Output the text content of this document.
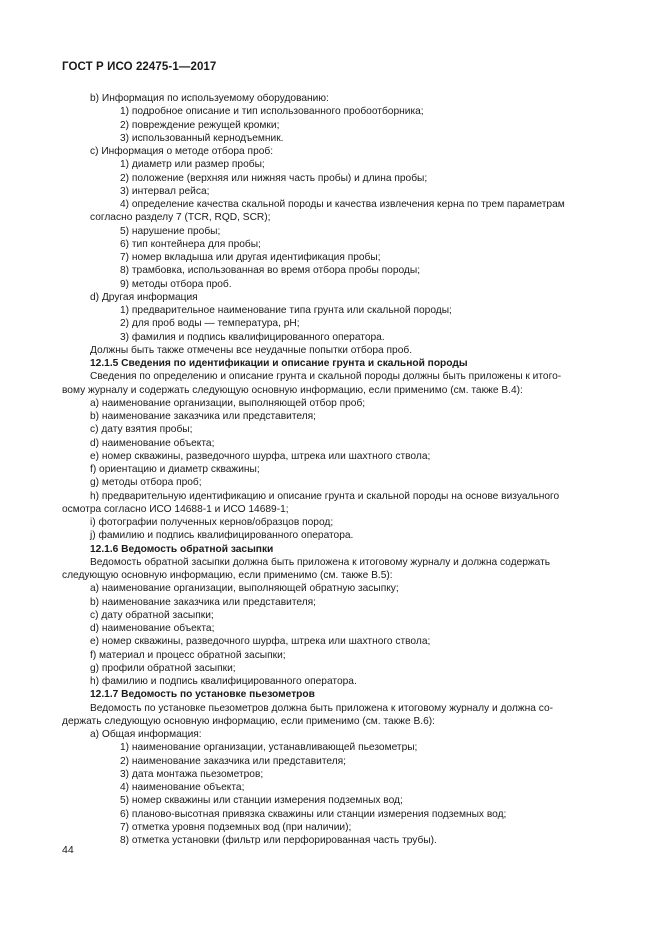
ГОСТ Р ИСО 22475-1—2017
b) Информация по используемому оборудованию:
1) подробное описание и тип использованного пробоотборника;
2) повреждение режущей кромки;
3) использованный кернодъемник.
c) Информация о методе отбора проб:
1) диаметр или размер пробы;
2) положение (верхняя или нижняя часть пробы) и длина пробы;
3) интервал рейса;
4) определение качества скальной породы и качества извлечения керна по трем параметрам
согласно разделу 7 (TCR, RQD, SCR);
5) нарушение пробы;
6) тип контейнера для пробы;
7) номер вкладыша или другая идентификация пробы;
8) трамбовка, использованная во время отбора пробы породы;
9) методы отбора проб.
d) Другая информация
1) предварительное наименование типа грунта или скальной породы;
2) для проб воды — температура, pH;
3) фамилия и подпись квалифицированного оператора.
Должны быть также отмечены все неудачные попытки отбора проб.
12.1.5 Сведения по идентификации и описание грунта и скальной породы
Сведения по определению и описание грунта и скальной породы должны быть приложены к итого-
вому журналу и содержать следующую основную информацию, если применимо (см. также В.4):
a) наименование организации, выполняющей отбор проб;
b) наименование заказчика или представителя;
c) дату взятия пробы;
d) наименование объекта;
e) номер скважины, разведочного шурфа, штрека или шахтного ствола;
f) ориентацию и диаметр скважины;
g) методы отбора проб;
h) предварительную идентификацию и описание грунта и скальной породы на основе визуального
осмотра согласно ИСО 14688-1 и ИСО 14689-1;
i) фотографии полученных кернов/образцов пород;
j) фамилию и подпись квалифицированного оператора.
12.1.6 Ведомость обратной засыпки
Ведомость обратной засыпки должна быть приложена к итоговому журналу и должна содержать
следующую основную информацию, если применимо (см. также В.5):
a) наименование организации, выполняющей обратную засыпку;
b) наименование заказчика или представителя;
c) дату обратной засыпки;
d) наименование объекта;
e) номер скважины, разведочного шурфа, штрека или шахтного ствола;
f) материал и процесс обратной засыпки;
g) профили обратной засыпки;
h) фамилию и подпись квалифицированного оператора.
12.1.7 Ведомость по установке пьезометров
Ведомость по установке пьезометров должна быть приложена к итоговому журналу и должна со-
держать следующую основную информацию, если применимо (см. также В.6):
a) Общая информация:
1) наименование организации, устанавливающей пьезометры;
2) наименование заказчика или представителя;
3) дата монтажа пьезометров;
4) наименование объекта;
5) номер скважины или станции измерения подземных вод;
6) планово-высотная привязка скважины или станции измерения подземных вод;
7) отметка уровня подземных вод (при наличии);
8) отметка установки (фильтр или перфорированная часть трубы).
44
